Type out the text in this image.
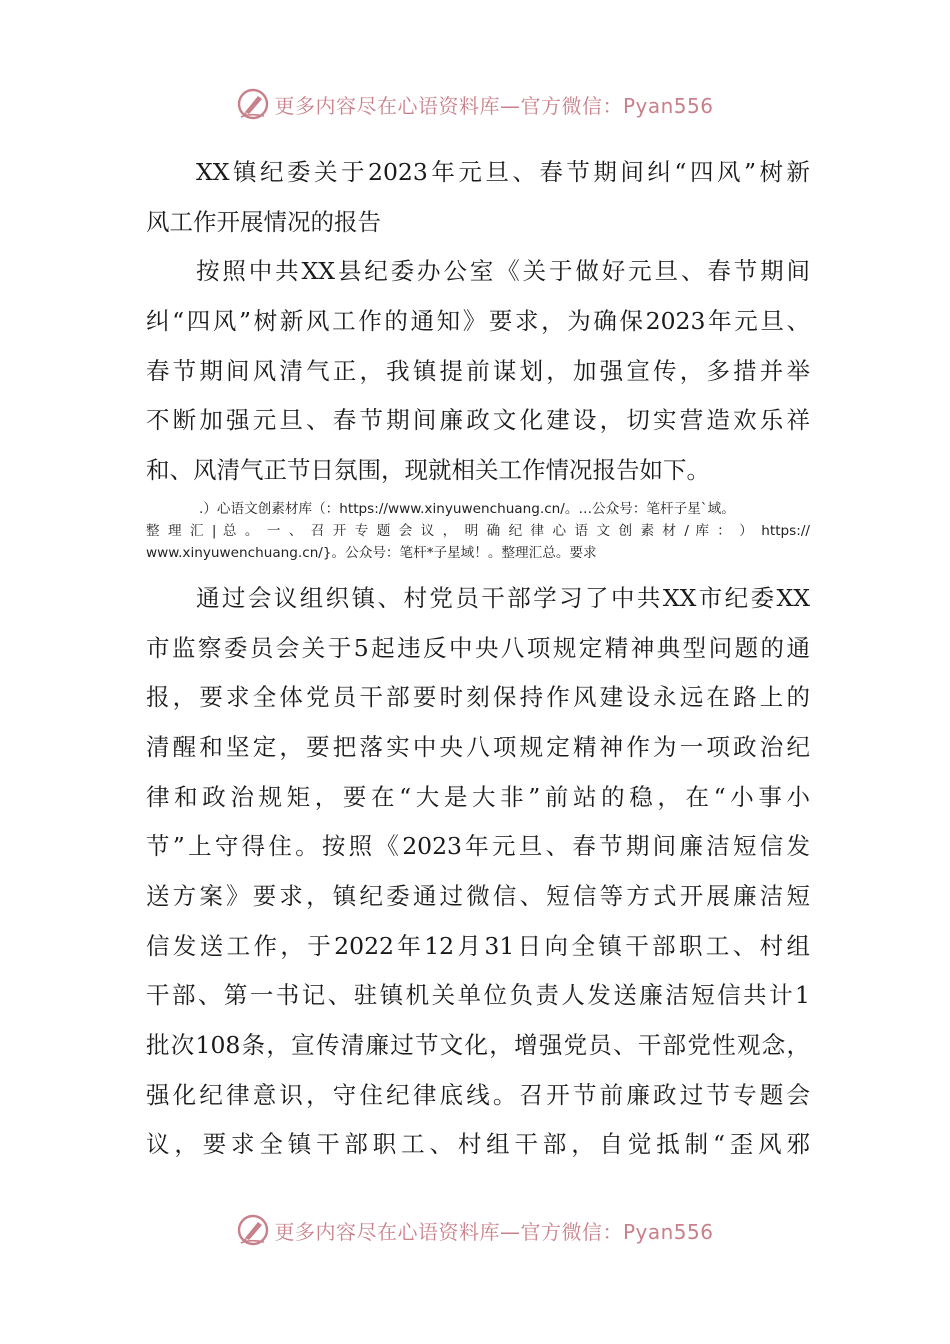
更多内容尽在心语资料库—官方微信：Pyan556
XX镇纪委关于2023年元旦、春节期间纠“四风”树新
风工作开展情况的报告
按照中共XX县纪委办公室《关于做好元旦、春节期间
纠“四风”树新风工作的通知》要求，为确保2023年元旦、
春节期间风清气正，我镇提前谋划，加强宣传，多措并举
不断加强元旦、春节期间廉政文化建设，切实营造欢乐祥
和、风清气正节日氛围，现就相关工作情况报告如下。
.）心语文创素材库（：https://www.xinyuwenchuang.cn/。…公众号：笔杆子星`域。
整 理 汇 | 总 。 一 、 召 开 专 题 会 议 ， 明 确 纪 律 心 语 文 创 素 材 / 库 ： ） https://
www.xinyuwenchuang.cn/}。公众号：笔杆*子星域！。整理汇总。要求
通过会议组织镇、村党员干部学习了中共XX市纪委XX
市监察委员会关于5起违反中央八项规定精神典型问题的通
报，要求全体党员干部要时刻保持作风建设永远在路上的
清醒和坚定，要把落实中央八项规定精神作为一项政治纪
律和政治规矩，要在“大是大非”前站的稳，在“小事小
节”上守得住。按照《2023年元旦、春节期间廉洁短信发
送方案》要求，镇纪委通过微信、短信等方式开展廉洁短
信发送工作，于2022年12月31日向全镇干部职工、村组
干部、第一书记、驻镇机关单位负责人发送廉洁短信共计1
批次108条，宣传清廉过节文化，增强党员、干部党性观念，
强化纪律意识，守住纪律底线。召开节前廉政过节专题会
议，要求全镇干部职工、村组干部，自觉抵制“歪风邪
更多内容尽在心语资料库—官方微信：Pyan556
